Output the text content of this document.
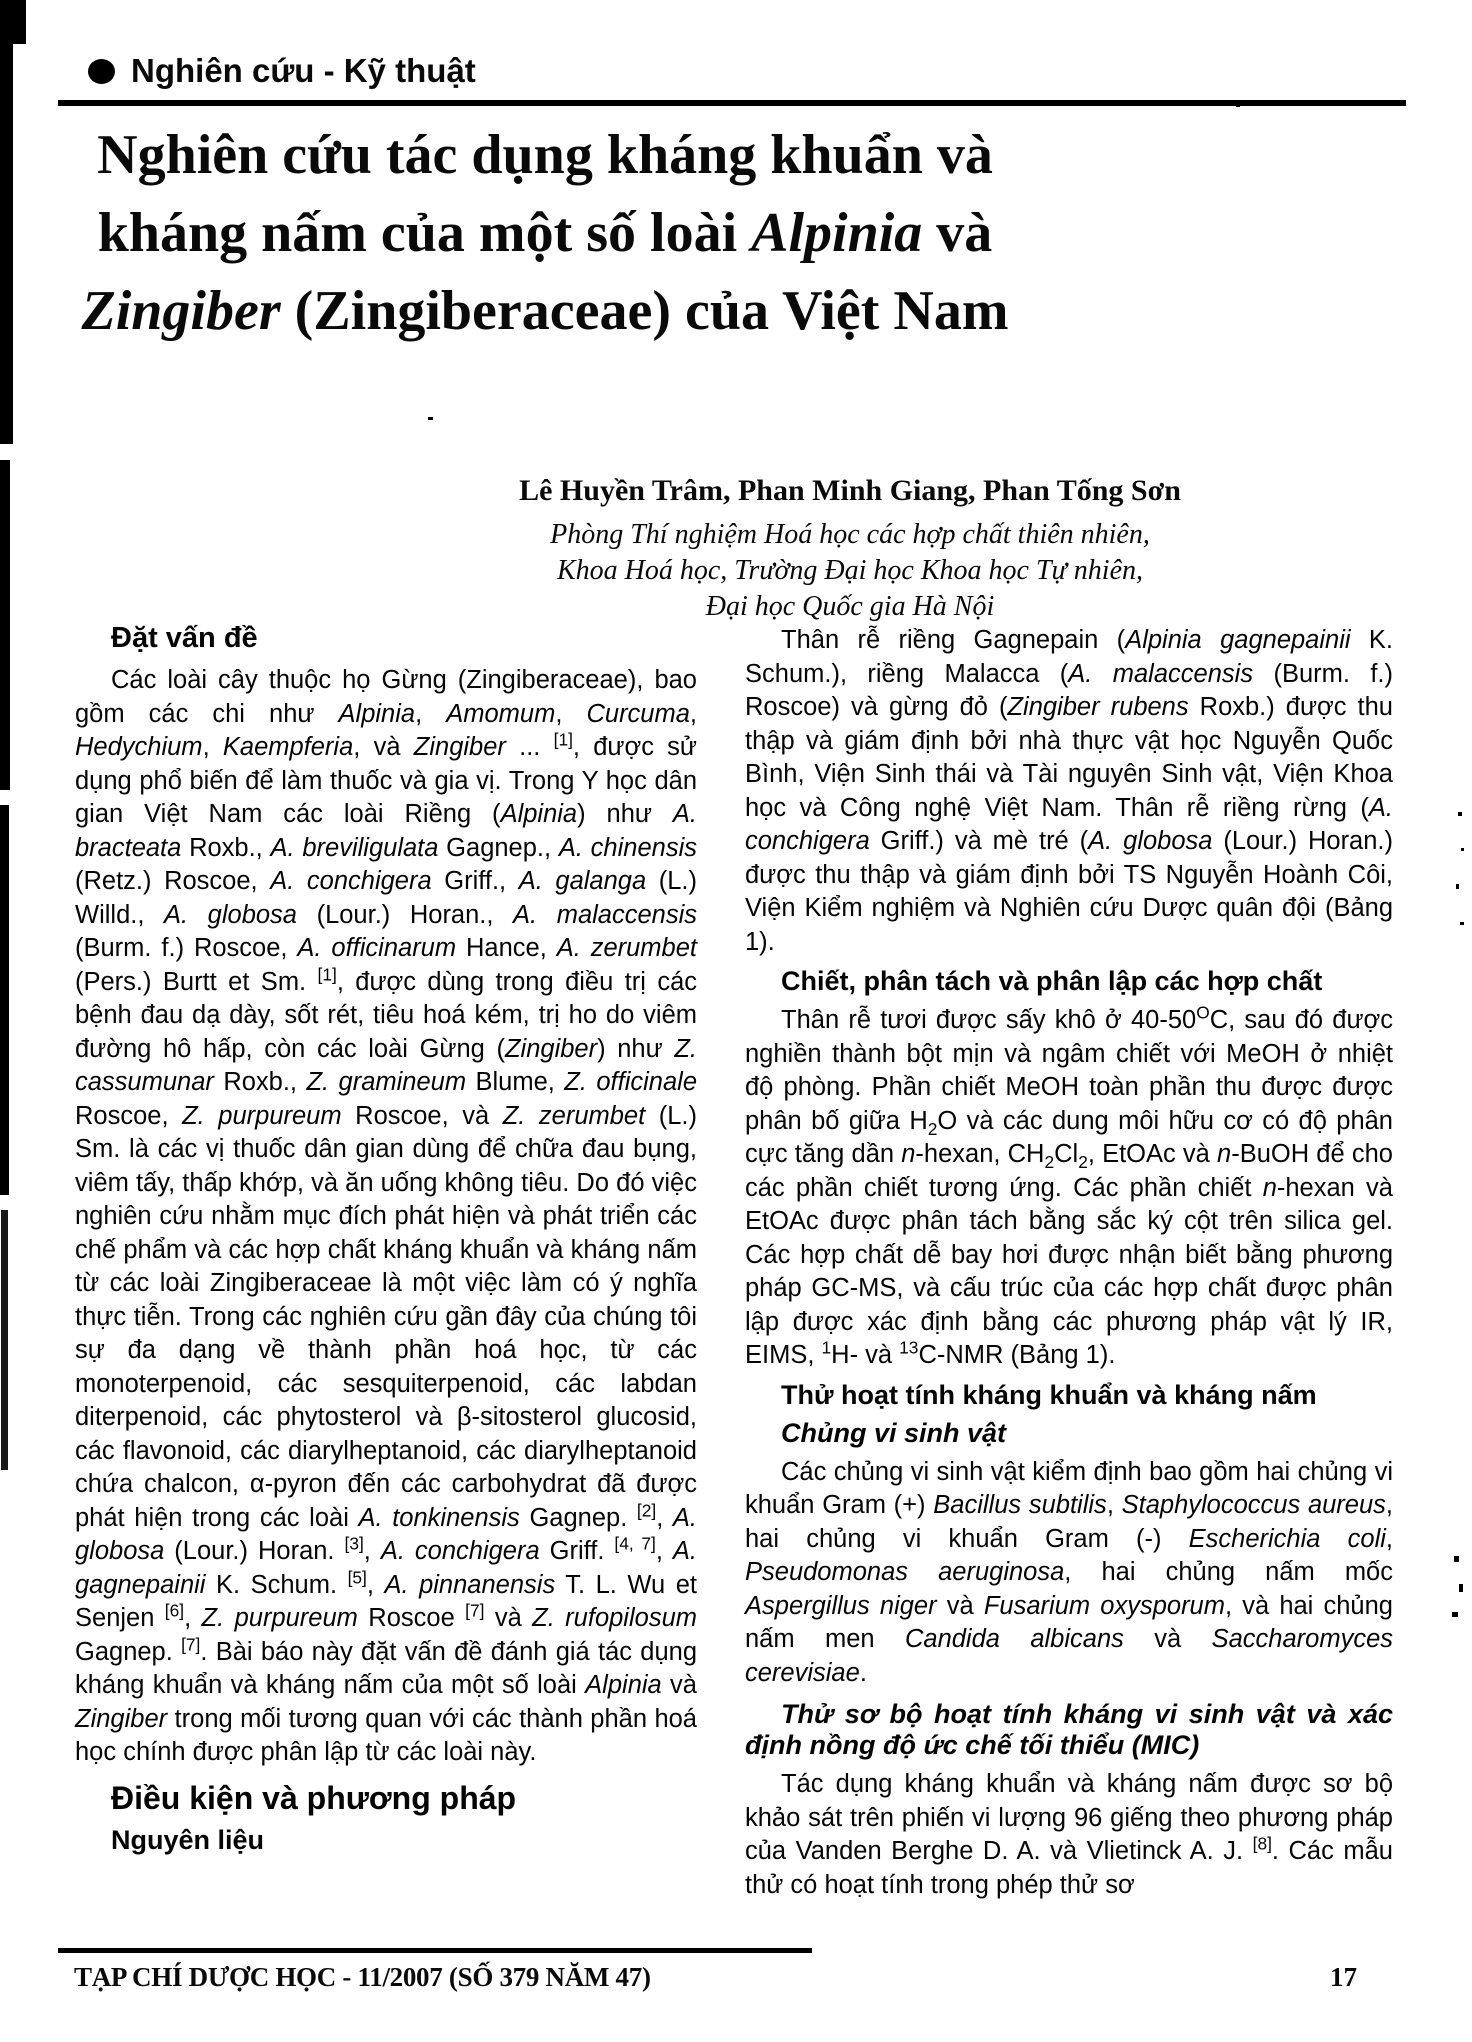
Nghiên cứu - Kỹ thuật
Nghiên cứu tác dụng kháng khuẩn và
kháng nấm của một số loài Alpinia và
Zingiber (Zingiberaceae) của Việt Nam
Lê Huyền Trâm, Phan Minh Giang, Phan Tống Sơn
Phòng Thí nghiệm Hoá học các hợp chất thiên nhiên,
Khoa Hoá học, Trường Đại học Khoa học Tự nhiên,
Đại học Quốc gia Hà Nội
Đặt vấn đề
Các loài cây thuộc họ Gừng (Zingiberaceae), bao gồm các chi như Alpinia, Amomum, Curcuma, Hedychium, Kaempferia, và Zingiber ... [1], được sử dụng phổ biến để làm thuốc và gia vị. Trong Y học dân gian Việt Nam các loài Riềng (Alpinia) như A. bracteata Roxb., A. breviligulata Gagnep., A. chinensis (Retz.) Roscoe, A. conchigera Griff., A. galanga (L.) Willd., A. globosa (Lour.) Horan., A. malaccensis (Burm. f.) Roscoe, A. officinarum Hance, A. zerumbet (Pers.) Burtt et Sm. [1], được dùng trong điều trị các bệnh đau dạ dày, sốt rét, tiêu hoá kém, trị ho do viêm đường hô hấp, còn các loài Gừng (Zingiber) như Z. cassumunar Roxb., Z. gramineum Blume, Z. officinale Roscoe, Z. purpureum Roscoe, và Z. zerumbet (L.) Sm. là các vị thuốc dân gian dùng để chữa đau bụng, viêm tấy, thấp khớp, và ăn uống không tiêu. Do đó việc nghiên cứu nhằm mục đích phát hiện và phát triển các chế phẩm và các hợp chất kháng khuẩn và kháng nấm từ các loài Zingiberaceae là một việc làm có ý nghĩa thực tiễn. Trong các nghiên cứu gần đây của chúng tôi sự đa dạng về thành phần hoá học, từ các monoterpenoid, các sesquiterpenoid, các labdan diterpenoid, các phytosterol và β-sitosterol glucosid, các flavonoid, các diarylheptanoid, các diarylheptanoid chứa chalcon, α-pyron đến các carbohydrat đã được phát hiện trong các loài A. tonkinensis Gagnep. [2], A. globosa (Lour.) Horan. [3], A. conchigera Griff. [4, 7], A. gagnepainii K. Schum. [5], A. pinnanensis T. L. Wu et Senjen [6], Z. purpureum Roscoe [7] và Z. rufopilosum Gagnep. [7]. Bài báo này đặt vấn đề đánh giá tác dụng kháng khuẩn và kháng nấm của một số loài Alpinia và Zingiber trong mối tương quan với các thành phần hoá học chính được phân lập từ các loài này.
Điều kiện và phương pháp
Nguyên liệu
Thân rễ riềng Gagnepain (Alpinia gagnepainii K. Schum.), riềng Malacca (A. malaccensis (Burm. f.) Roscoe) và gừng đỏ (Zingiber rubens Roxb.) được thu thập và giám định bởi nhà thực vật học Nguyễn Quốc Bình, Viện Sinh thái và Tài nguyên Sinh vật, Viện Khoa học và Công nghệ Việt Nam. Thân rễ riềng rừng (A. conchigera Griff.) và mè tré (A. globosa (Lour.) Horan.) được thu thập và giám định bởi TS Nguyễn Hoành Côi, Viện Kiểm nghiệm và Nghiên cứu Dược quân đội (Bảng 1).
Chiết, phân tách và phân lập các hợp chất
Thân rễ tươi được sấy khô ở $40-50^OC$, sau đó được nghiền thành bột mịn và ngâm chiết với MeOH ở nhiệt độ phòng. Phần chiết MeOH toàn phần thu được được phân bố giữa $H_2O$ và các dung môi hữu cơ có độ phân cực tăng dần n-hexan, $CH_2Cl_2$, EtOAc và n-BuOH để cho các phần chiết tương ứng. Các phần chiết n-hexan và EtOAc được phân tách bằng sắc ký cột trên silica gel. Các hợp chất dễ bay hơi được nhận biết bằng phương pháp GC-MS, và cấu trúc của các hợp chất được phân lập được xác định bằng các phương pháp vật lý IR, EIMS, $^1$H- và $^{13}$C-NMR (Bảng 1).
Thử hoạt tính kháng khuẩn và kháng nấm
Chủng vi sinh vật
Các chủng vi sinh vật kiểm định bao gồm hai chủng vi khuẩn Gram (+) Bacillus subtilis, Staphylococcus aureus, hai chủng vi khuẩn Gram (-) Escherichia coli, Pseudomonas aeruginosa, hai chủng nấm mốc Aspergillus niger và Fusarium oxysporum, và hai chủng nấm men Candida albicans và Saccharomyces cerevisiae.
Thử sơ bộ hoạt tính kháng vi sinh vật và xác định nồng độ ức chế tối thiểu (MIC)
Tác dụng kháng khuẩn và kháng nấm được sơ bộ khảo sát trên phiến vi lượng 96 giếng theo phương pháp của Vanden Berghe D. A. và Vlietinck A. J. [8]. Các mẫu thử có hoạt tính trong phép thử sơ
TẠP CHÍ DƯỢC HỌC - 11/2007 (SỐ 379 NĂM 47)	17
